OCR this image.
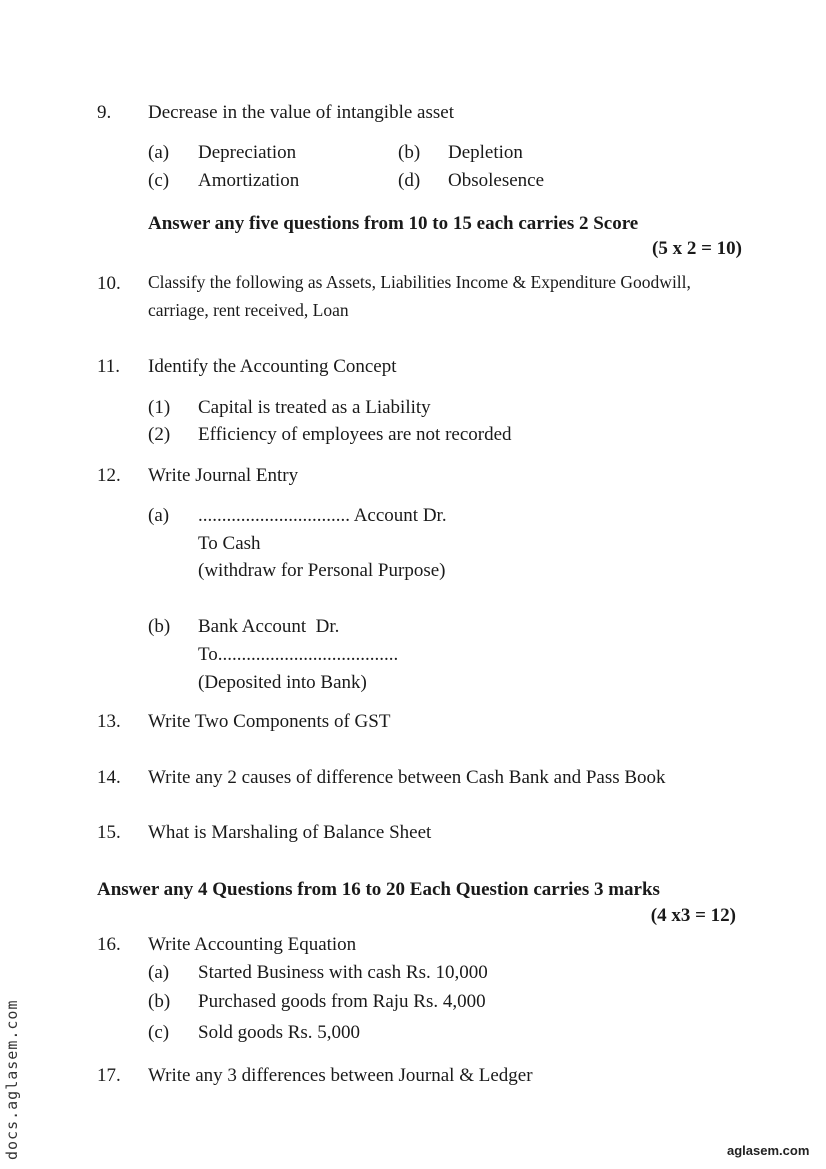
9. Decrease in the value of intangible asset
(a) Depreciation	(b) Depletion
(c) Amortization	(d) Obsolesence
Answer any five questions from 10 to 15 each carries 2 Score
(5 x 2 = 10)
10. Classify the following as Assets, Liabilities Income & Expenditure Goodwill,
carriage, rent received, Loan
11. Identify the Accounting Concept
(1) Capital is treated as a Liability
(2) Efficiency of employees are not recorded
12. Write Journal Entry
(a) ................................ Account Dr.
To Cash
(withdraw for Personal Purpose)
(b) Bank Account  Dr.
To......................................
(Deposited into Bank)
13. Write Two Components of GST
14. Write any 2 causes of difference between Cash Bank and Pass Book
15. What is Marshaling of Balance Sheet
Answer any 4 Questions from 16 to 20 Each Question carries 3 marks
(4 x3 = 12)
16. Write Accounting Equation
(a) Started Business with cash Rs. 10,000
(b) Purchased goods from Raju Rs. 4,000
(c) Sold goods Rs. 5,000
17. Write any 3 differences between Journal & Ledger
docs.aglasem.com	aglasem.com
